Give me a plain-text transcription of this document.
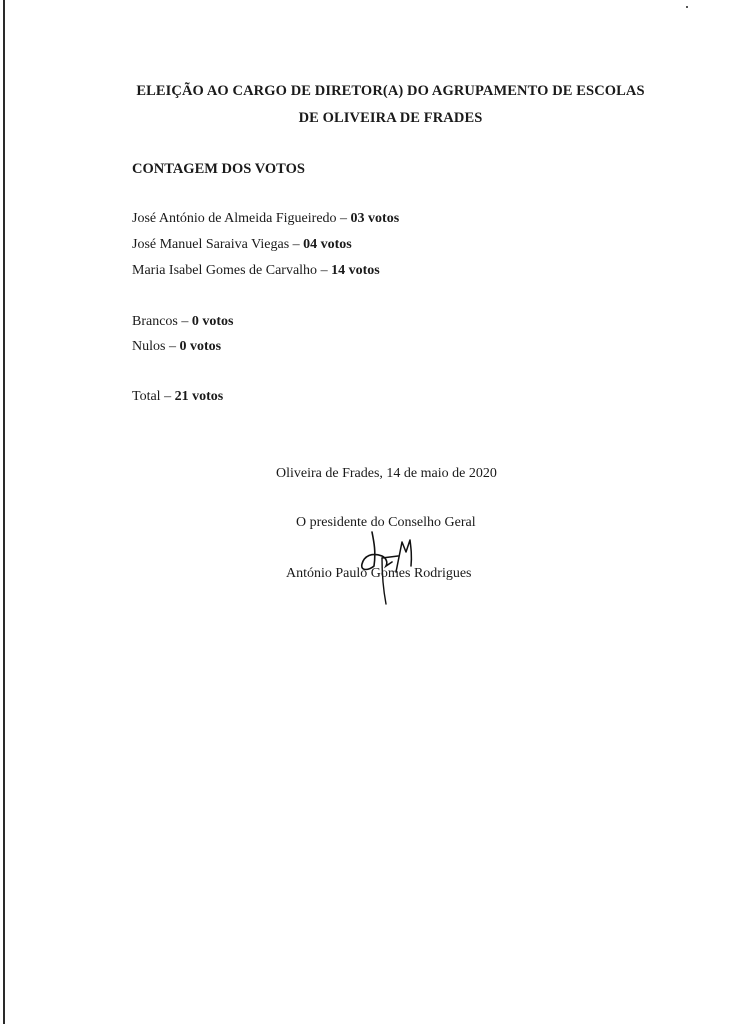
ELEIÇÃO AO CARGO DE DIRETOR(A) DO AGRUPAMENTO DE ESCOLAS
DE OLIVEIRA DE FRADES
CONTAGEM DOS VOTOS
José António de Almeida Figueiredo – 03 votos
José Manuel Saraiva Viegas – 04 votos
Maria Isabel Gomes de Carvalho – 14 votos
Brancos – 0 votos
Nulos – 0 votos
Total – 21 votos
Oliveira de Frades, 14 de maio de 2020
O presidente do Conselho Geral
António Paulo Gomes Rodrigues
